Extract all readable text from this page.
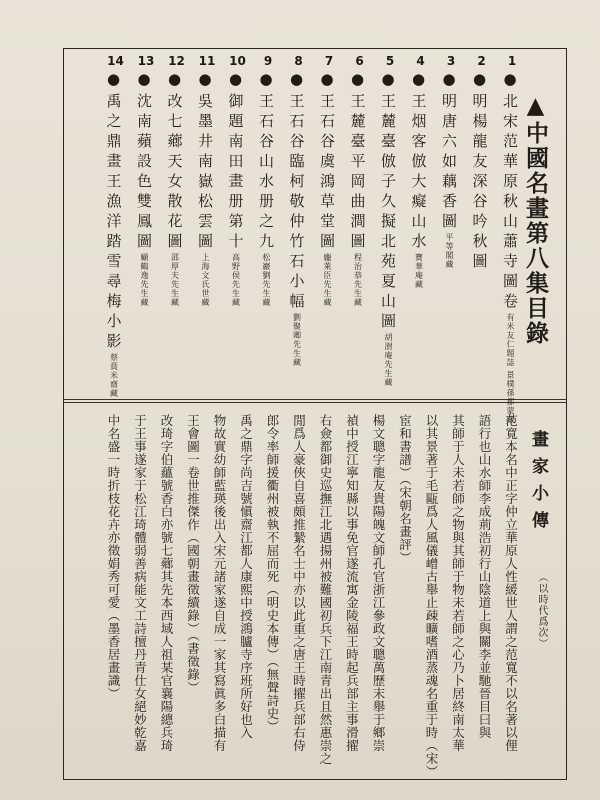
▲中國名畫第八集目錄
1
●北宋范華原秋山蕭寺圖卷有米友仁題誌 景樸孫都蒙藏
2
●明楊龍友深谷吟秋圖
3
●明唐六如藕香圖平等閣藏
4
●王烟客倣大癡山水寶華庵藏
5
●王麓臺倣子久擬北苑夏山圖胡澍庵先生藏
6
●王麓臺平岡曲澗圖程治恭先生藏
7
●王石谷虞鴻草堂圖龐萊臣先生藏
8
●王石谷臨柯敬仲竹石小幅劉聚卿先生藏
9
●王石谷山水册之九松巖劉先生藏
10
●御題南田畫册第十高野侯先生藏
11
●吳墨井南嶽松雲圖上海文氏世藏
12
●改七薌天女散花圖邵厚夫先生藏
13
●沈南蘋設色雙鳳圖顧鶴逸先生藏
14
●禹之鼎畫王漁洋踏雪尋梅小影蔡賁米齋藏
畫家小傳
（以時代爲次）
范寬本名中正字仲立華原人性緩世人謂之范寬不以名著以俚
語行也山水師李成荊浩初行山陰道上與關李並馳晉目曰與
其師于人未若師之物與其師于物未若師之心乃卜居終南太華
以其景著于毛甌爲人風儀嶒古舉止疎曠嗜酒蒸魂名重于時（宋）
宦和書譜）（宋朝名畫評）
楊文聰字龍友貴陽魄文師孔官浙江參政文聰萬歷末舉于鄉崇
禎中授江寧知縣以事免官遂流寓金陵福王時起兵部主事滑擢
右僉都御史巡撫江北遇揚州被難國初兵下江南青出且然惠崇之
閒爲人豪俠自喜頗推縶名士中亦以此重之唐王時擢兵部右侍
郎令率師援衢州被執不屈而死（明史本傳）（無聲詩史）
禹之鼎字尚吉號愼齋江都人康熙中授鴻臚寺序班所好也入
物故實幼師藍瑛後出入宋元諸家遂自成一家其寫眞多白描有
王會圖一卷世推傑作（國朝畫徵續錄）（書徵錄）
改琦字伯蘊號香白亦號七薌其先本西域人祖某官襄陽總兵琦
于王事遂家于松江琦體弱善病能文工詩擅丹青仕女絕妙乾嘉
中名盛一時折枝花卉亦徵娟秀可愛（墨香居畫識）
